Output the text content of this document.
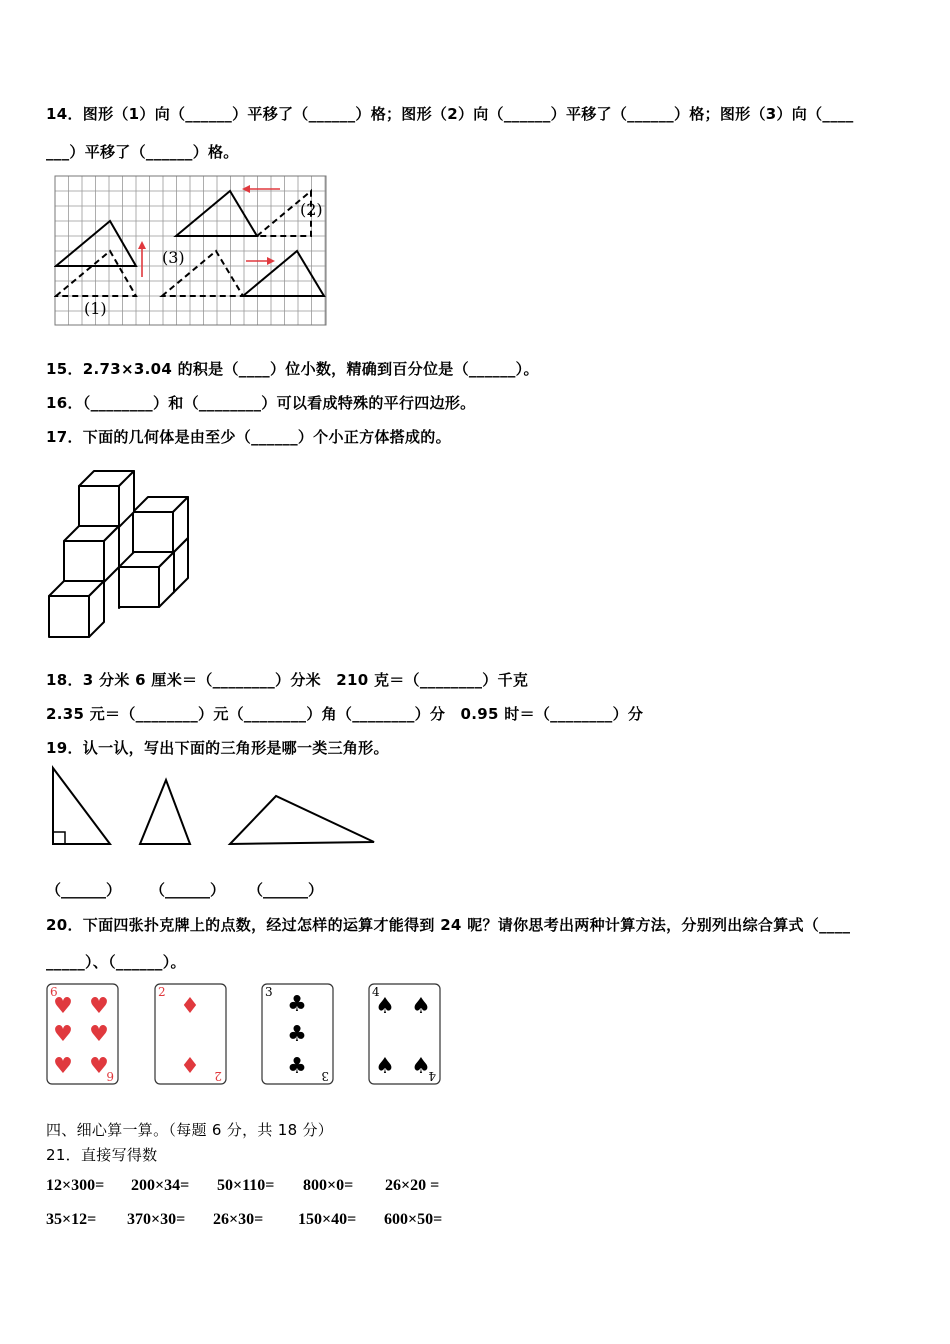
14．图形（1）向（______）平移了（______）格；图形（2）向（______）平移了（______）格；图形（3）向（____
___）平移了（______）格。
(1)
(2)
(3)
15．2.73×3.04 的积是（____）位小数，精确到百分位是（______）。
16．（________）和（________）可以看成特殊的平行四边形。
17．下面的几何体是由至少（______）个小正方体搭成的。
18．3 分米 6 厘米＝（________）分米　210 克＝（________）千克
2.35 元＝（________）元（________）角（________）分　0.95 时＝（________）分
19．认一认，写出下面的三角形是哪一类三角形。
（______） （______） （______）
20．下面四张扑克牌上的点数，经过怎样的运算才能得到 24 呢？请你思考出两种计算方法，分别列出综合算式（____
_____）、（______）。
6
6
♥ ♥
♥ ♥
♥ ♥
2
2
♦
♦
3
3
♣
♣
♣
4
4
♠ ♠
♠ ♠
四、细心算一算。（每题 6 分，共 18 分）
21．直接写得数
12×300= 200×34= 50×110= 800×0= 26×20 =
35×12= 370×30= 26×30= 150×40= 600×50=
